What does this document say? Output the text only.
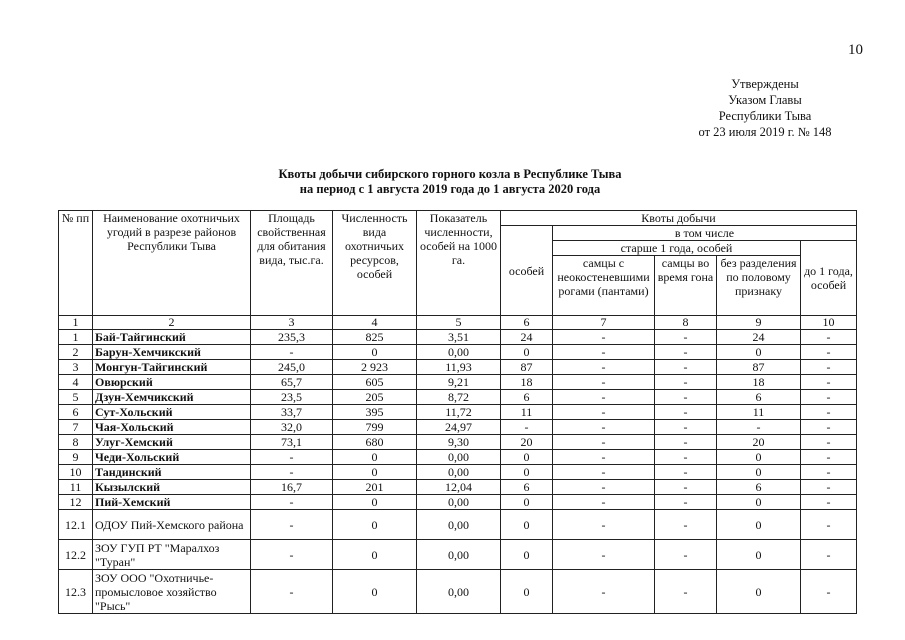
10
Утверждены
Указом Главы
Республики Тыва
от 23 июля 2019 г. № 148
Квоты добычи сибирского горного козла в Республике Тыва
на период с 1 августа 2019 года до 1 августа 2020 года
№ пп	Наименование охотничьих угодий в разрезе районов Республики Тыва	Площадь свойственная для обитания вида, тыс.га.	Численность вида охотничьих ресурсов, особей	Показатель численности, особей на 1000 га.	Квоты добычи				
					особей	в том числе			
						старше 1 года, особей			до 1 года, особей
						самцы с неокостеневшими рогами (пантами)	самцы во время гона	без разделения по половому признаку	
1	2	3	4	5	6	7	8	9	10
1	Бай-Тайгинский	235,3	825	3,51	24	-	-	24	-
2	Барун-Хемчикский	-	0	0,00	0	-	-	0	-
3	Монгун-Тайгинский	245,0	2 923	11,93	87	-	-	87	-
4	Овюрский	65,7	605	9,21	18	-	-	18	-
5	Дзун-Хемчикский	23,5	205	8,72	6	-	-	6	-
6	Сут-Хольский	33,7	395	11,72	11	-	-	11	-
7	Чая-Хольский	32,0	799	24,97	-	-	-	-	-
8	Улуг-Хемский	73,1	680	9,30	20	-	-	20	-
9	Чеди-Хольский	-	0	0,00	0	-	-	0	-
10	Тандинский	-	0	0,00	0	-	-	0	-
11	Кызылский	16,7	201	12,04	6	-	-	6	-
12	Пий-Хемский	-	0	0,00	0	-	-	0	-
12.1	ОДОУ Пий-Хемского района	-	0	0,00	0	-	-	0	-
12.2	ЗОУ ГУП РТ "Маралхоз "Туран"	-	0	0,00	0	-	-	0	-
12.3	ЗОУ ООО "Охотничье-промысловое хозяйство "Рысь"	-	0	0,00	0	-	-	0	-
